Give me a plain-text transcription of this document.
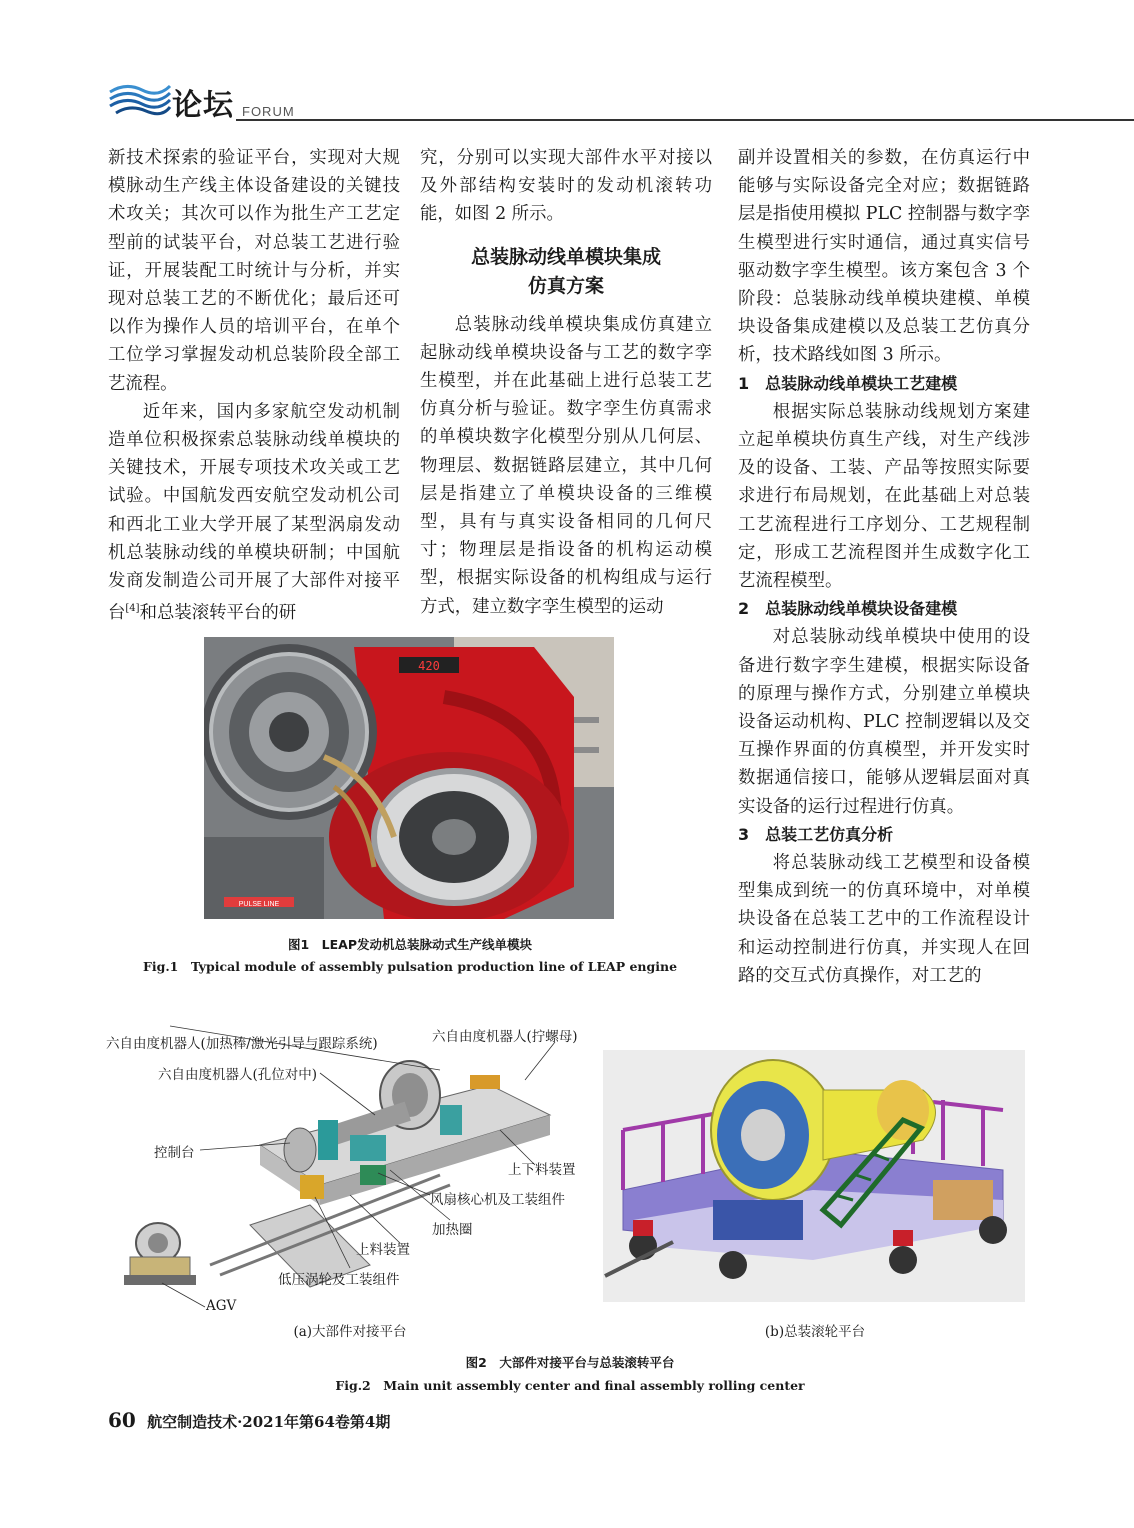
论坛 FORUM

新技术探索的验证平台，实现对大规模脉动生产线主体设备建设的关键技术攻关；其次可以作为批生产工艺定型前的试装平台，对总装工艺进行验证，开展装配工时统计与分析，并实现对总装工艺的不断优化；最后还可以作为操作人员的培训平台，在单个工位学习掌握发动机总装阶段全部工艺流程。

近年来，国内多家航空发动机制造单位积极探索总装脉动线单模块的关键技术，开展专项技术攻关或工艺试验。中国航发西安航空发动机公司和西北工业大学开展了某型涡扇发动机总装脉动线的单模块研制；中国航发商发制造公司开展了大部件对接平台[4]和总装滚转平台的研

究，分别可以实现大部件水平对接以及外部结构安装时的发动机滚转功能，如图 2 所示。

总装脉动线单模块集成
仿真方案

总装脉动线单模块集成仿真建立起脉动线单模块设备与工艺的数字孪生模型，并在此基础上进行总装工艺仿真分析与验证。数字孪生仿真需求的单模块数字化模型分别从几何层、物理层、数据链路层建立，其中几何层是指建立了单模块设备的三维模型，具有与真实设备相同的几何尺寸；物理层是指设备的机构运动模型，根据实际设备的机构组成与运行方式，建立数字孪生模型的运动

副并设置相关的参数，在仿真运行中能够与实际设备完全对应；数据链路层是指使用模拟 PLC 控制器与数字孪生模型进行实时通信，通过真实信号驱动数字孪生模型。该方案包含 3 个阶段：总装脉动线单模块建模、单模块设备集成建模以及总装工艺仿真分析，技术路线如图 3 所示。

1　总装脉动线单模块工艺建模

根据实际总装脉动线规划方案建立起单模块仿真生产线，对生产线涉及的设备、工装、产品等按照实际要求进行布局规划，在此基础上对总装工艺流程进行工序划分、工艺规程制定，形成工艺流程图并生成数字化工艺流程模型。

2　总装脉动线单模块设备建模

对总装脉动线单模块中使用的设备进行数字孪生建模，根据实际设备的原理与操作方式，分别建立单模块设备运动机构、PLC 控制逻辑以及交互操作界面的仿真模型，并开发实时数据通信接口，能够从逻辑层面对真实设备的运行过程进行仿真。

3　总装工艺仿真分析

将总装脉动线工艺模型和设备模型集成到统一的仿真环境中，对单模块设备在总装工艺中的工作流程设计和运动控制进行仿真，并实现人在回路的交互式仿真操作，对工艺的

420
PULSE LINE
图1　LEAP发动机总装脉动式生产线单模块
Fig.1　Typical module of assembly pulsation production line of LEAP engine
六自由度机器人(加热棒/激光引导与跟踪系统)	六自由度机器人(拧螺母)
六自由度机器人(孔位对中)
控制台
上下料装置
风扇核心机及工装组件
加热圈
上料装置
低压涡轮及工装组件
AGV
(a)大部件对接平台	(b)总装滚轮平台
图2　大部件对接平台与总装滚转平台
Fig.2　Main unit assembly center and final assembly rolling center
60 航空制造技术·2021年第64卷第4期
